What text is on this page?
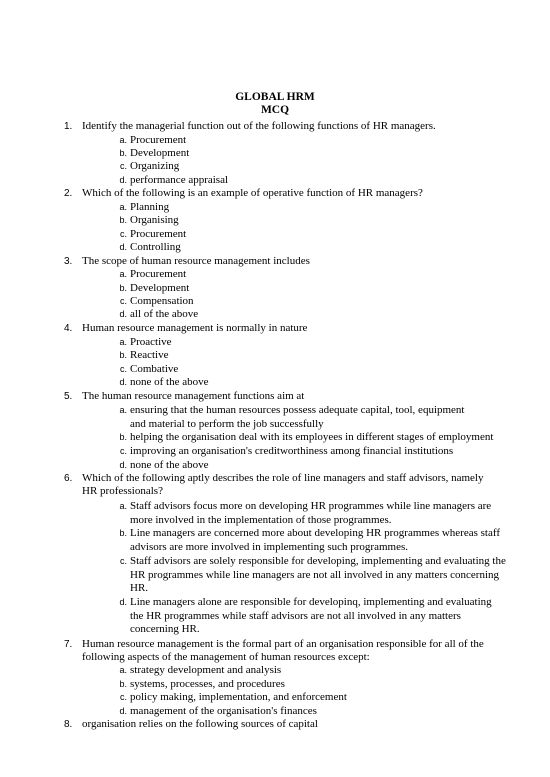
GLOBAL HRM
MCQ
1. Identify the managerial function out of the following functions of HR managers.
a. Procurement
b. Development
c. Organizing
d. performance appraisal
2. Which of the following is an example of operative function of HR managers?
a. Planning
b. Organising
c. Procurement
d. Controlling
3. The scope of human resource management includes
a. Procurement
b. Development
c. Compensation
d. all of the above
4. Human resource management is normally in nature
a. Proactive
b. Reactive
c. Combative
d. none of the above
5. The human resource management functions aim at
a. ensuring that the human resources possess adequate capital, tool, equipment and material to perform the job successfully
b. helping the organisation deal with its employees in different stages of employment
c. improving an organisation's creditworthiness among financial institutions
d. none of the above
6. Which of the following aptly describes the role of line managers and staff advisors, namely HR professionals?
a. Staff advisors focus more on developing HR programmes while line managers are more involved in the implementation of those programmes.
b. Line managers are concerned more about developing HR programmes whereas staff advisors are more involved in implementing such programmes.
c. Staff advisors are solely responsible for developing, implementing and evaluating the HR programmes while line managers are not all involved in any matters concerning HR.
d. Line managers alone are responsible for developinq, implementing and evaluating the HR programmes while staff advisors are not all involved in any matters concerning HR.
7. Human resource management is the formal part of an organisation responsible for all of the following aspects of the management of human resources except:
a. strategy development and analysis
b. systems, processes, and procedures
c. policy making, implementation, and enforcement
d. management of the organisation's finances
8. organisation relies on the following sources of capital
